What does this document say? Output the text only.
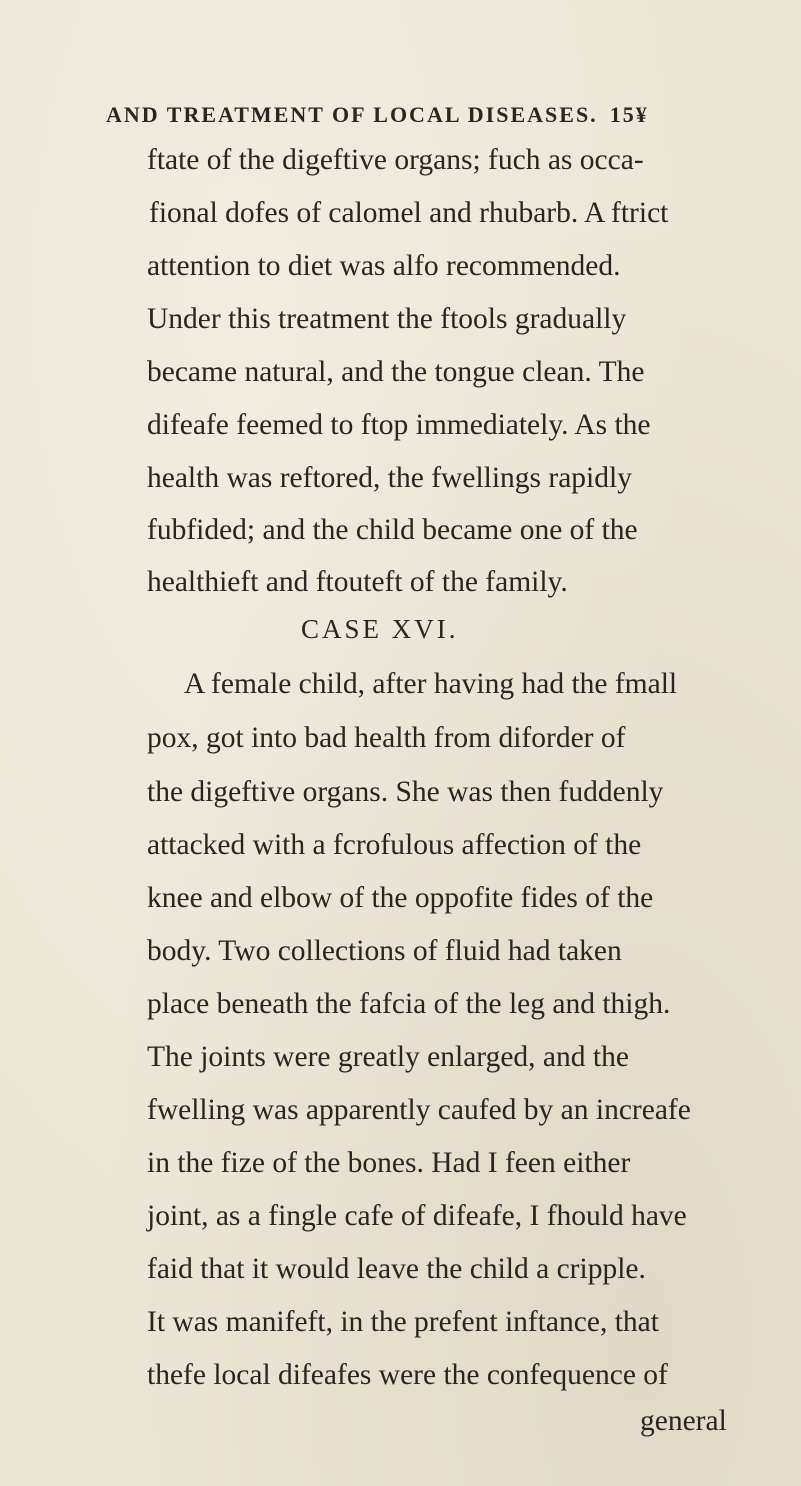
AND TREATMENT OF LOCAL DISEASES. 15¥
ftate of the digeftive organs; fuch as occa-
fional dofes of calomel and rhubarb. A ftrict
attention to diet was alfo recommended.
Under this treatment the ftools gradually
became natural, and the tongue clean. The
difeafe feemed to ftop immediately. As the
health was reftored, the fwellings rapidly
fubfided; and the child became one of the
healthieft and ftouteft of the family.
CASE XVI.
A female child, after having had the fmall
pox, got into bad health from diforder of
the digeftive organs. She was then fuddenly
attacked with a fcrofulous affection of the
knee and elbow of the oppofite fides of the
body. Two collections of fluid had taken
place beneath the fafcia of the leg and thigh.
The joints were greatly enlarged, and the
fwelling was apparently caufed by an increafe
in the fize of the bones. Had I feen either
joint, as a fingle cafe of difeafe, I fhould have
faid that it would leave the child a cripple.
It was manifeft, in the prefent inftance, that
thefe local difeafes were the confequence of
general
